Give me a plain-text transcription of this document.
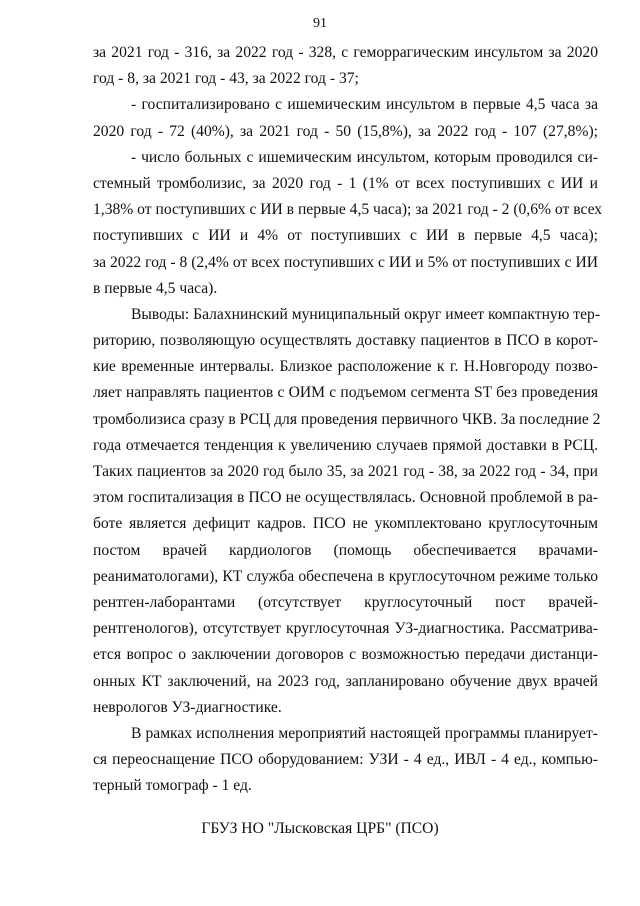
91
за 2021 год - 316, за 2022 год - 328, с геморрагическим инсультом за 2020
год - 8, за 2021 год - 43, за 2022 год - 37;
- госпитализировано с ишемическим инсультом в первые 4,5 часа за
2020 год - 72 (40%), за 2021 год - 50 (15,8%), за 2022 год - 107 (27,8%);
- число больных с ишемическим инсультом, которым проводился си-
стемный тромболизис, за 2020 год - 1 (1% от всех поступивших с ИИ и
1,38% от поступивших с ИИ в первые 4,5 часа); за 2021 год - 2 (0,6% от всех
поступивших с ИИ и 4% от поступивших с ИИ в первые 4,5 часа);
за 2022 год - 8 (2,4% от всех поступивших с ИИ и 5% от поступивших с ИИ
в первые 4,5 часа).
Выводы: Балахнинский муниципальный округ имеет компактную тер-
риторию, позволяющую осуществлять доставку пациентов в ПСО в корот-
кие временные интервалы. Близкое расположение к г. Н.Новгороду позво-
ляет направлять пациентов с ОИМ с подъемом сегмента ST без проведения
тромболизиса сразу в РСЦ для проведения первичного ЧКВ. За последние 2
года отмечается тенденция к увеличению случаев прямой доставки в РСЦ.
Таких пациентов за 2020 год было 35, за 2021 год - 38, за 2022 год - 34, при
этом госпитализация в ПСО не осуществлялась. Основной проблемой в ра-
боте является дефицит кадров. ПСО не укомплектовано круглосуточным
постом врачей кардиологов (помощь обеспечивается врачами-
реаниматологами), КТ служба обеспечена в круглосуточном режиме только
рентген-лаборантами (отсутствует круглосуточный пост врачей-
рентгенологов), отсутствует круглосуточная УЗ-диагностика. Рассматрива-
ется вопрос о заключении договоров с возможностью передачи дистанци-
онных КТ заключений, на 2023 год, запланировано обучение двух врачей
неврологов УЗ-диагностике.
В рамках исполнения мероприятий настоящей программы планирует-
ся переоснащение ПСО оборудованием: УЗИ - 4 ед., ИВЛ - 4 ед., компью-
терный томограф - 1 ед.
ГБУЗ НО "Лысковская ЦРБ" (ПСО)
